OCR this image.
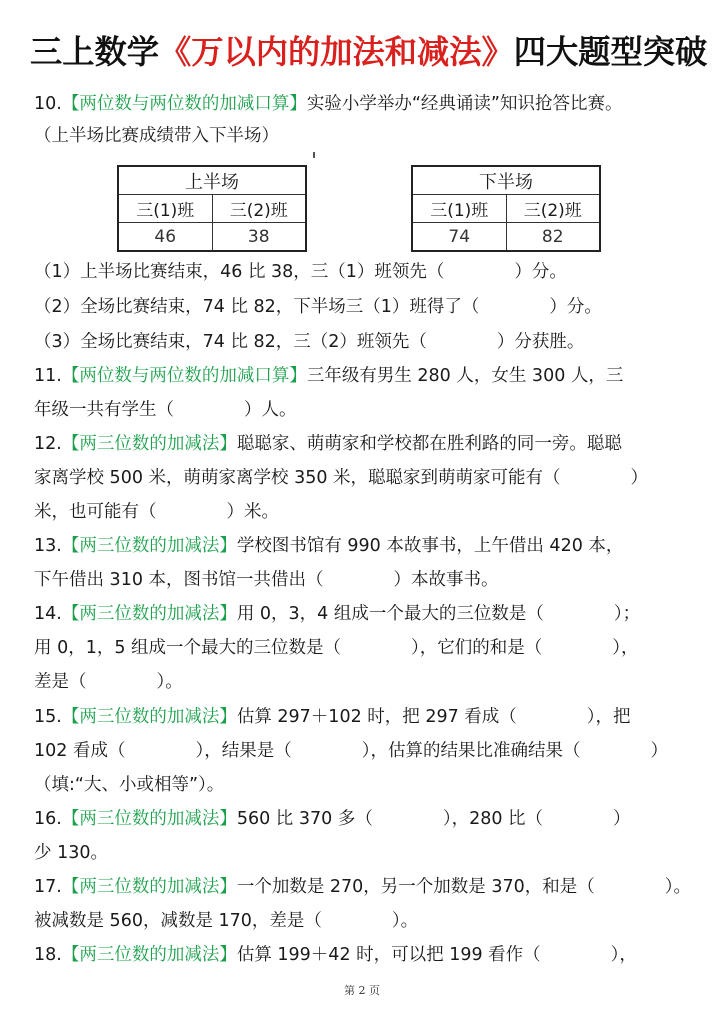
三上数学《万以内的加法和减法》四大题型突破
10.【两位数与两位数的加减口算】实验小学举办“经典诵读”知识抢答比赛。
（上半场比赛成绩带入下半场）
上半场	
三(1)班	三(2)班
46	38
下半场	
三(1)班	三(2)班
74	82
（1）上半场比赛结束，46 比 38，三（1）班领先（　　　　）分。
（2）全场比赛结束，74 比 82，下半场三（1）班得了（　　　　）分。
（3）全场比赛结束，74 比 82，三（2）班领先（　　　　）分获胜。
11.【两位数与两位数的加减口算】三年级有男生 280 人，女生 300 人，三
年级一共有学生（　　　　）人。
12.【两三位数的加减法】聪聪家、萌萌家和学校都在胜利路的同一旁。聪聪
家离学校 500 米，萌萌家离学校 350 米，聪聪家到萌萌家可能有（　　　　）
米，也可能有（　　　　）米。
13.【两三位数的加减法】学校图书馆有 990 本故事书，上午借出 420 本，
下午借出 310 本，图书馆一共借出（　　　　）本故事书。
14.【两三位数的加减法】用 0，3，4 组成一个最大的三位数是（　　　　）；
用 0，1，5 组成一个最大的三位数是（　　　　），它们的和是（　　　　），
差是（　　　　）。
15.【两三位数的加减法】估算 297＋102 时，把 297 看成（　　　　），把
102 看成（　　　　），结果是（　　　　），估算的结果比准确结果（　　　　）
（填:“大、小或相等”）。
16.【两三位数的加减法】560 比 370 多（　　　　），280 比（　　　　）
少 130。
17.【两三位数的加减法】一个加数是 270，另一个加数是 370，和是（　　　　）。
被减数是 560，减数是 170，差是（　　　　）。
18.【两三位数的加减法】估算 199＋42 时，可以把 199 看作（　　　　），
第 2 页
